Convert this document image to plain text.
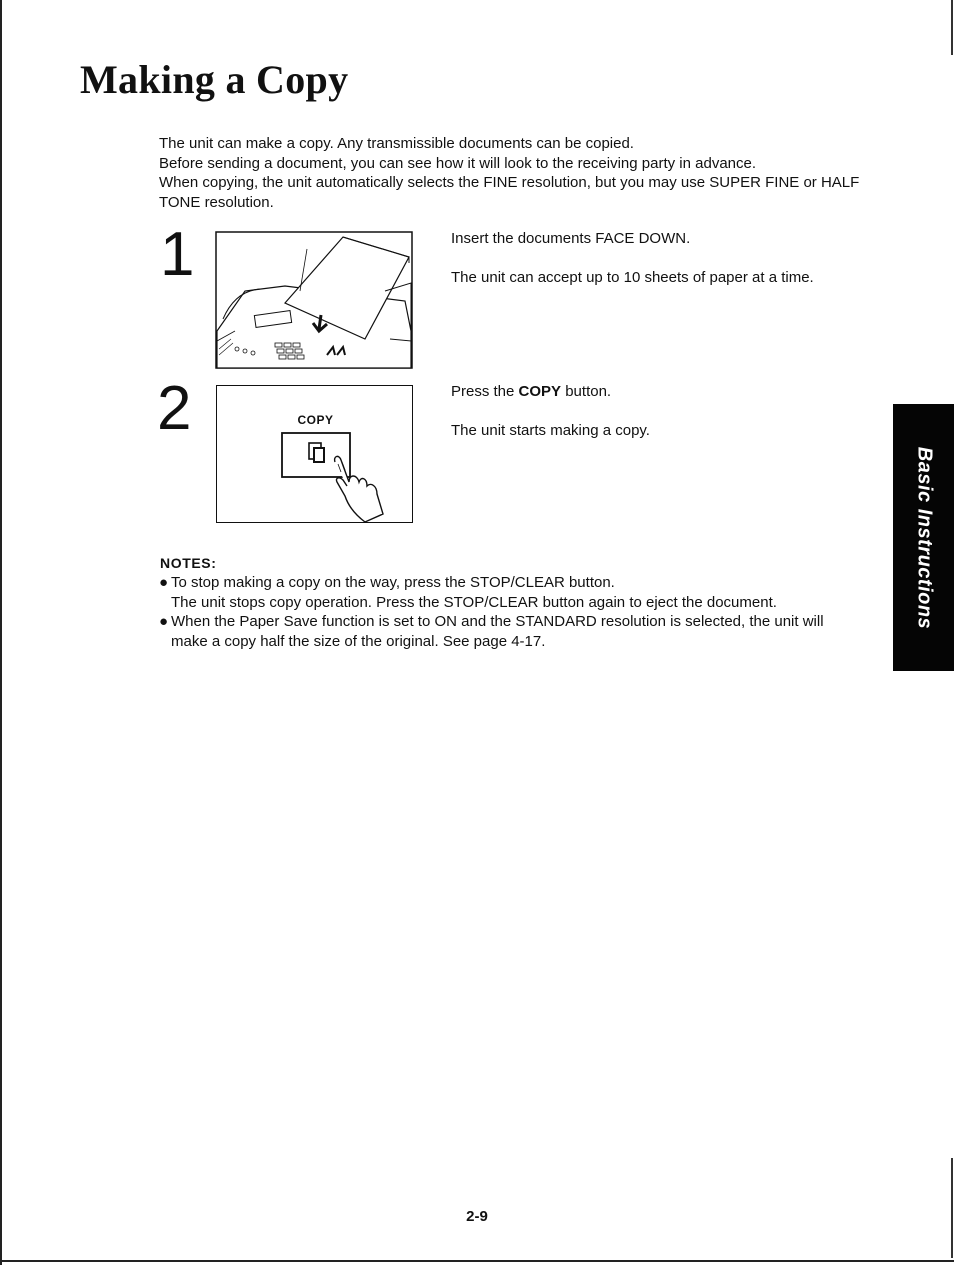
Making a Copy

The unit can make a copy. Any transmissible documents can be copied.

Before sending a document, you can see how it will look to the receiving party in advance.

When copying, the unit automatically selects the FINE resolution, but you may use SUPER FINE or HALF TONE resolution.

1	Insert the documents FACE DOWN.
The unit can accept up to 10 sheets of paper at a time.
2	COPY
Press the COPY button.
The unit starts making a copy.
NOTES:
● To stop making a copy on the way, press the STOP/CLEAR button.
The unit stops copy operation. Press the STOP/CLEAR button again to eject the document.
● When the Paper Save function is set to ON and the STANDARD resolution is selected, the unit will make a copy half the size of the original. See page 4-17.
Basic Instructions
2-9
